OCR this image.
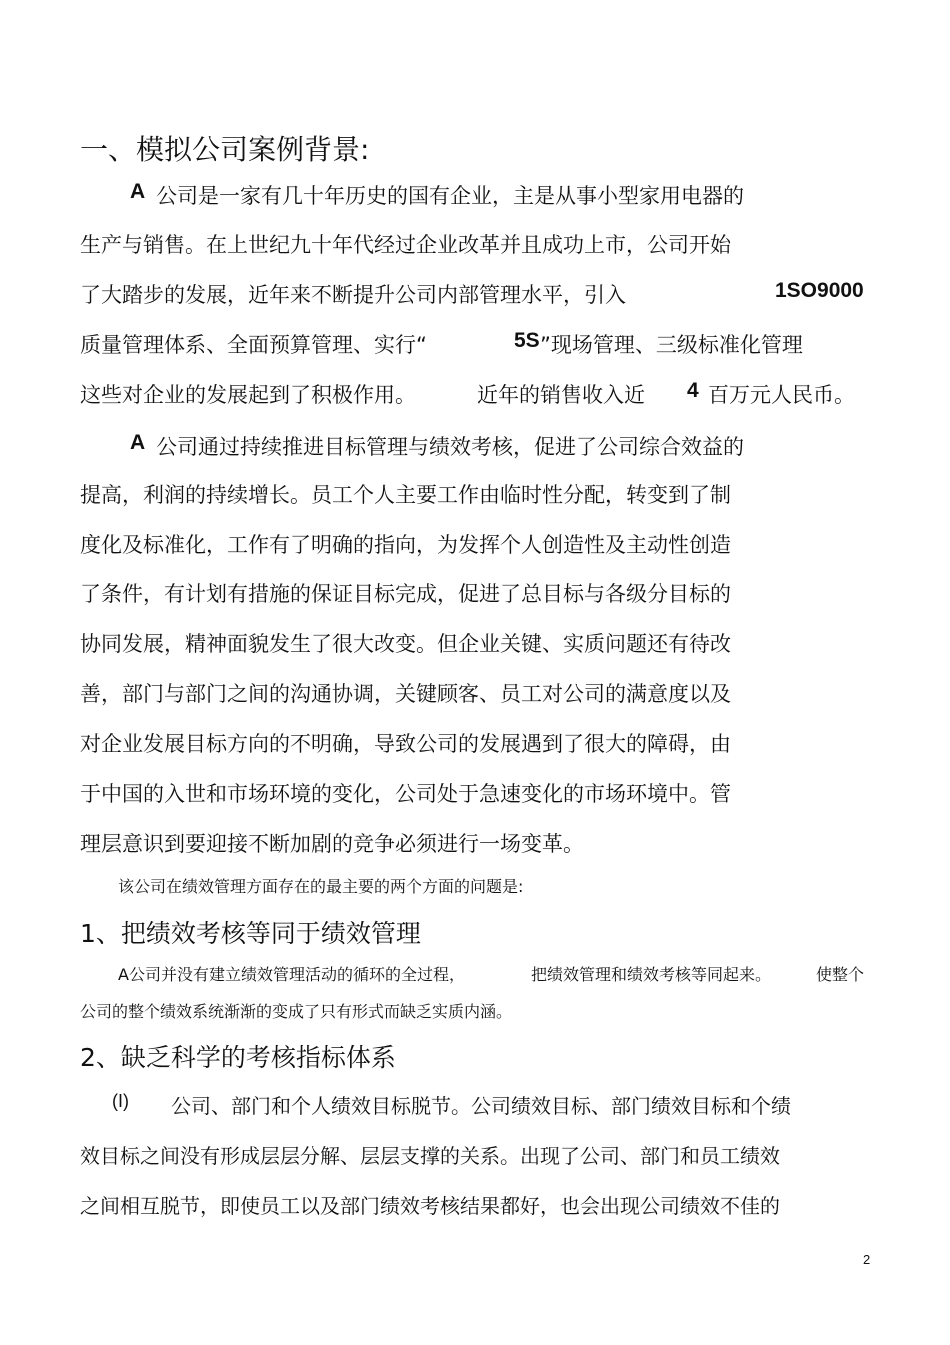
一、模拟公司案例背景:
A 公司是一家有几十年历史的国有企业，主是从事小型家用电器的
生产与销售。在上世纪九十年代经过企业改革并且成功上市，公司开始
了大踏步的发展，近年来不断提升公司内部管理水平，引入	1SO9000
质量管理体系、全面预算管理、实行“	5S ”现场管理、三级标准化管理
这些对企业的发展起到了积极作用。	近年的销售收入近 4 百万元人民币。
A 公司通过持续推进目标管理与绩效考核，促进了公司综合效益的
提高，利润的持续增长。员工个人主要工作由临时性分配，转变到了制
度化及标准化，工作有了明确的指向，为发挥个人创造性及主动性创造
了条件，有计划有措施的保证目标完成，促进了总目标与各级分目标的
协同发展，精神面貌发生了很大改变。但企业关键、实质问题还有待改
善，部门与部门之间的沟通协调，关键顾客、员工对公司的满意度以及
对企业发展目标方向的不明确，导致公司的发展遇到了很大的障碍，由
于中国的入世和市场环境的变化，公司处于急速变化的市场环境中。管
理层意识到要迎接不断加剧的竞争必须进行一场变革。
该公司在绩效管理方面存在的最主要的两个方面的问题是:
1、把绩效考核等同于绩效管理
A公司并没有建立绩效管理活动的循环的全过程，	把绩效管理和绩效考核等同起来。	使整个
公司的整个绩效系统渐渐的变成了只有形式而缺乏实质内涵。
2、缺乏科学的考核指标体系
(I) 公司、部门和个人绩效目标脱节。公司绩效目标、部门绩效目标和个绩
效目标之间没有形成层层分解、层层支撑的关系。出现了公司、部门和员工绩效
之间相互脱节，即使员工以及部门绩效考核结果都好，也会出现公司绩效不佳的
2
